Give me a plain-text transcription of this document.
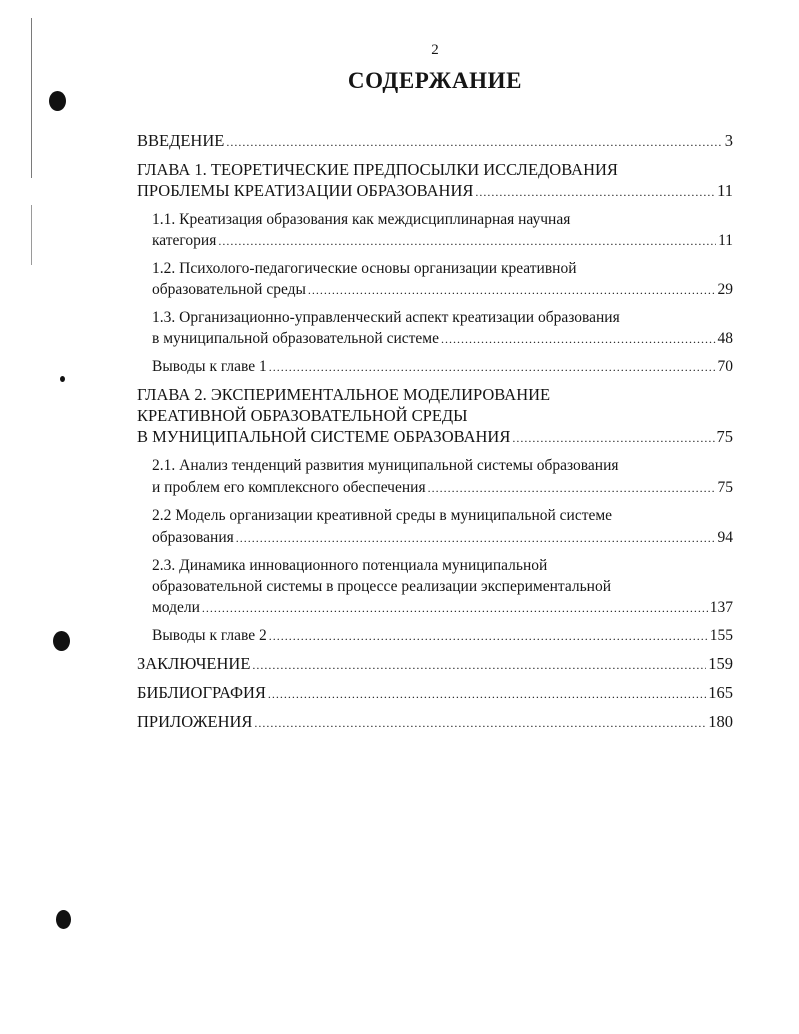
2
СОДЕРЖАНИЕ
ВВЕДЕНИЕ .....	3
ГЛАВА 1. ТЕОРЕТИЧЕСКИЕ ПРЕДПОСЫЛКИ ИССЛЕДОВАНИЯ
ПРОБЛЕМЫ КРЕАТИЗАЦИИ ОБРАЗОВАНИЯ .....	11
1.1. Креатизация образования как междисциплинарная научная
категория .....	11
1.2. Психолого-педагогические основы организации креативной
образовательной среды .....	29
1.3. Организационно-управленческий аспект креатизации образования
в муниципальной образовательной системе .....	48
Выводы к главе 1 .....	70
ГЛАВА 2. ЭКСПЕРИМЕНТАЛЬНОЕ МОДЕЛИРОВАНИЕ
КРЕАТИВНОЙ ОБРАЗОВАТЕЛЬНОЙ СРЕДЫ
В МУНИЦИПАЛЬНОЙ СИСТЕМЕ ОБРАЗОВАНИЯ .....	75
2.1. Анализ тенденций развития муниципальной системы образования
и проблем его комплексного обеспечения .....	75
2.2 Модель организации креативной среды в муниципальной системе
образования .....	94
2.3. Динамика инновационного потенциала муниципальной
образовательной системы в процессе реализации экспериментальной
модели .....	137
Выводы к главе 2 .....	155
ЗАКЛЮЧЕНИЕ .....	159
БИБЛИОГРАФИЯ .....	165
ПРИЛОЖЕНИЯ .....	180
